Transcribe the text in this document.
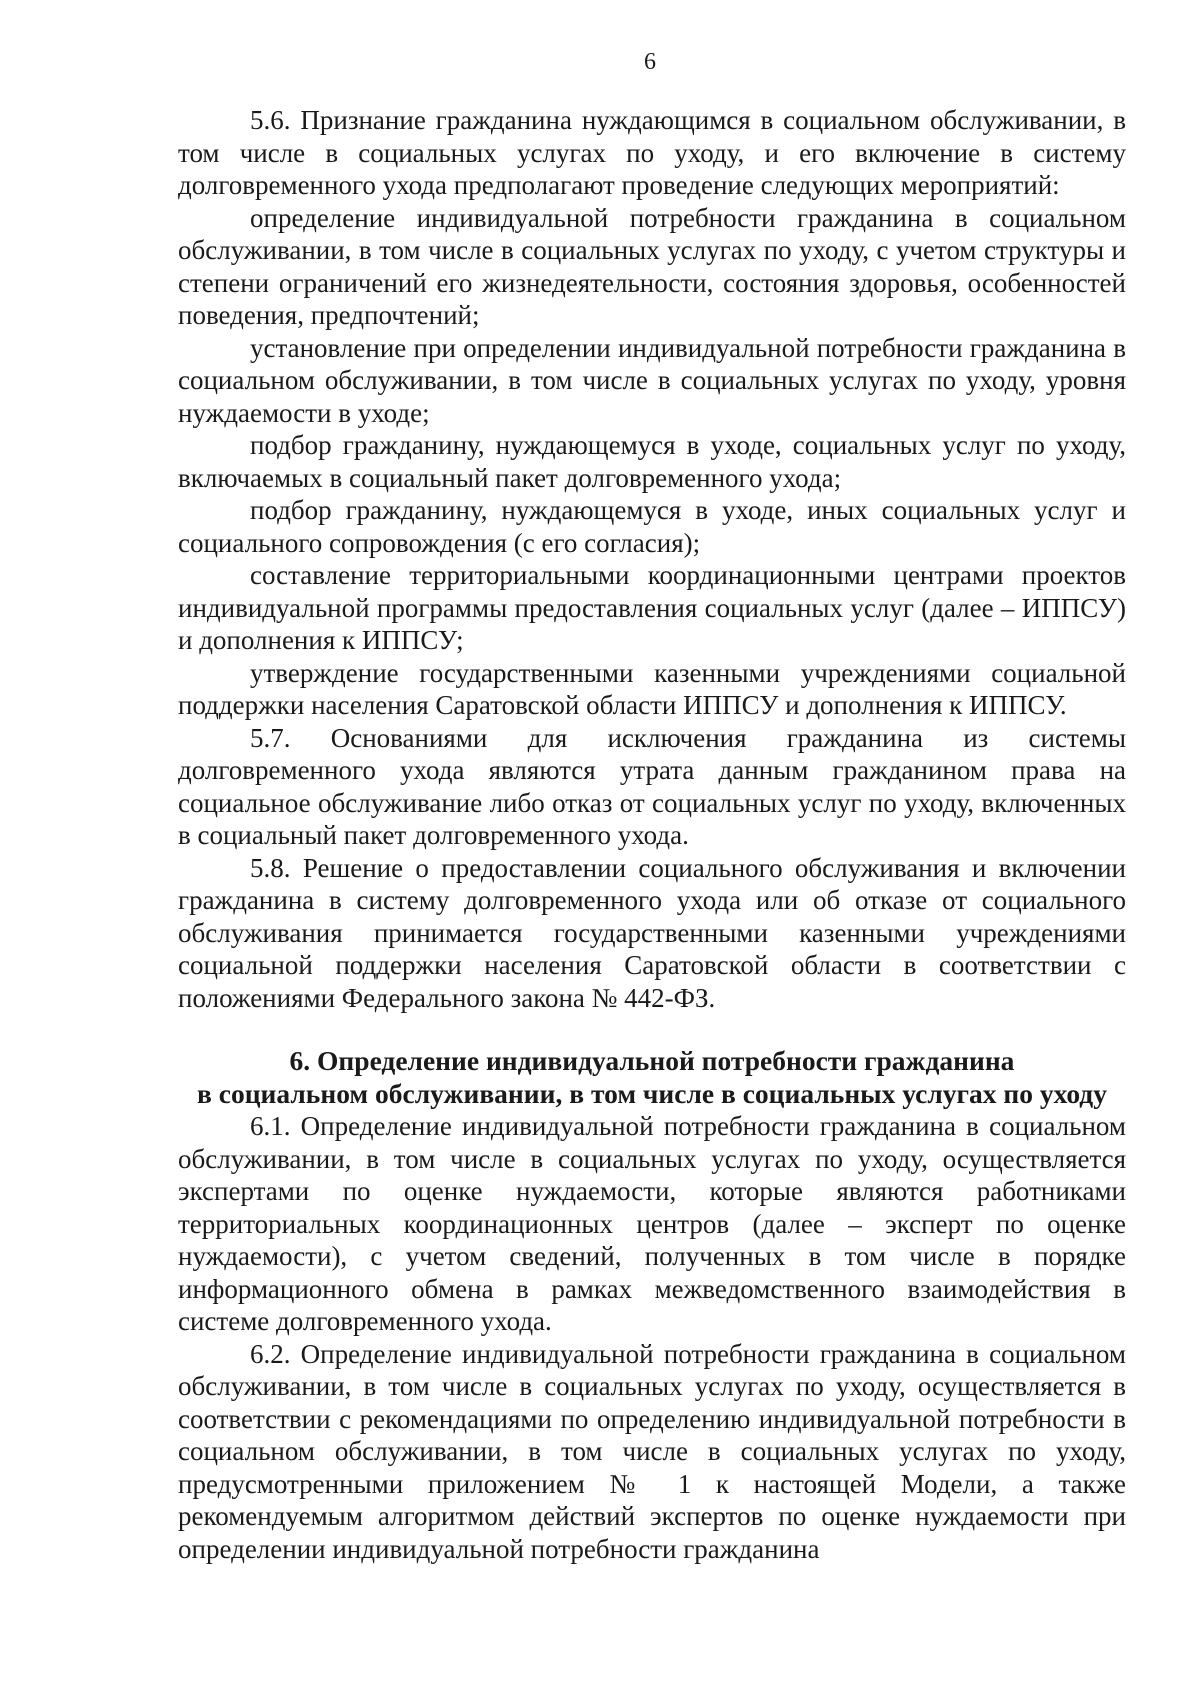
6

5.6. Признание гражданина нуждающимся в социальном обслуживании, в том числе в социальных услугах по уходу, и его включение в систему долговременного ухода предполагают проведение следующих мероприятий:

определение индивидуальной потребности гражданина в социальном обслуживании, в том числе в социальных услугах по уходу, с учетом структуры и степени ограничений его жизнедеятельности, состояния здоровья, особенностей поведения, предпочтений;

установление при определении индивидуальной потребности гражданина в социальном обслуживании, в том числе в социальных услугах по уходу, уровня нуждаемости в уходе;

подбор гражданину, нуждающемуся в уходе, социальных услуг по уходу, включаемых в социальный пакет долговременного ухода;

подбор гражданину, нуждающемуся в уходе, иных социальных услуг и социального сопровождения (с его согласия);

составление территориальными координационными центрами проектов индивидуальной программы предоставления социальных услуг (далее – ИППСУ) и дополнения к ИППСУ;

утверждение государственными казенными учреждениями социальной поддержки населения Саратовской области ИППСУ и дополнения к ИППСУ.

5.7. Основаниями для исключения гражданина из системы долговременного ухода являются утрата данным гражданином права на социальное обслуживание либо отказ от социальных услуг по уходу, включенных в социальный пакет долговременного ухода.

5.8. Решение о предоставлении социального обслуживания и включении гражданина в систему долговременного ухода или об отказе от социального обслуживания принимается государственными казенными учреждениями социальной поддержки населения Саратовской области в соответствии с положениями Федерального закона № 442-ФЗ.

6. Определение индивидуальной потребности гражданина
в социальном обслуживании, в том числе в социальных услугах по уходу

6.1. Определение индивидуальной потребности гражданина в социальном обслуживании, в том числе в социальных услугах по уходу, осуществляется экспертами по оценке нуждаемости, которые являются работниками территориальных координационных центров (далее – эксперт по оценке нуждаемости), с учетом сведений, полученных в том числе в порядке информационного обмена в рамках межведомственного взаимодействия в системе долговременного ухода.

6.2. Определение индивидуальной потребности гражданина в социальном обслуживании, в том числе в социальных услугах по уходу, осуществляется в соответствии с рекомендациями по определению индивидуальной потребности в социальном обслуживании, в том числе в социальных услугах по уходу, предусмотренными приложением № 1 к настоящей Модели, а также рекомендуемым алгоритмом действий экспертов по оценке нуждаемости при определении индивидуальной потребности гражданина
